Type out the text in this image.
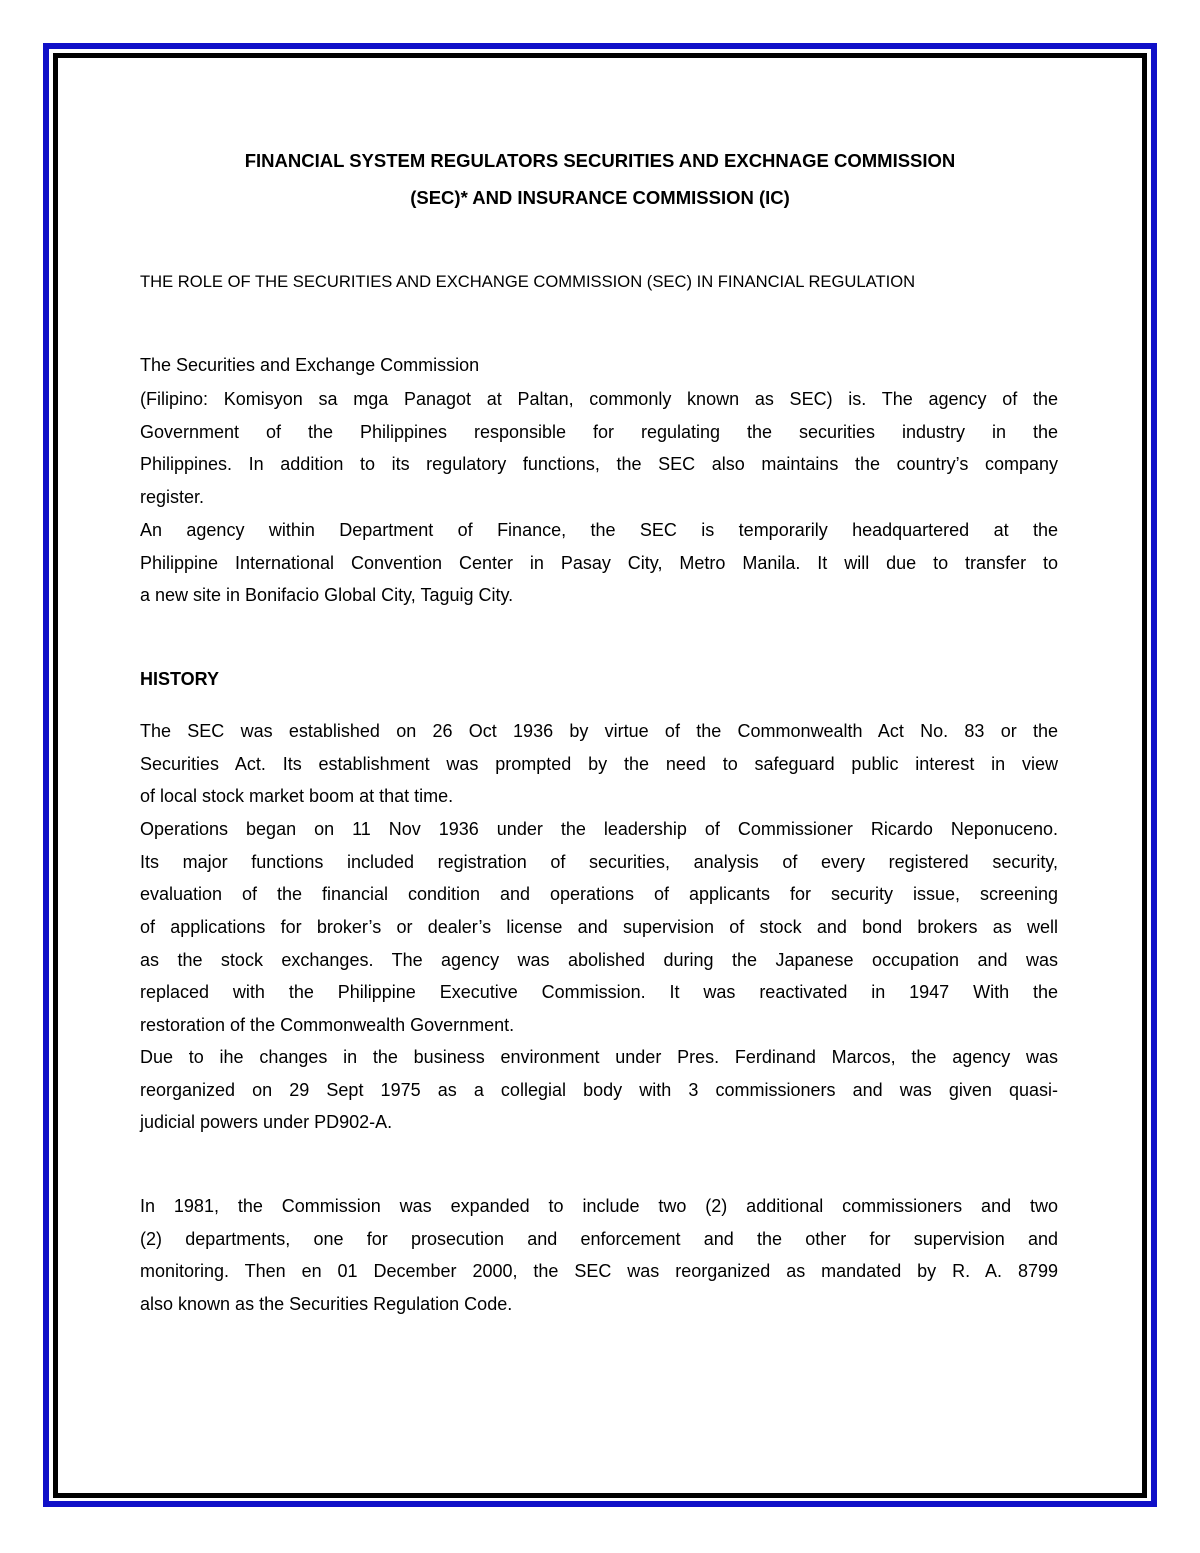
FINANCIAL SYSTEM REGULATORS SECURITIES AND EXCHNAGE COMMISSION
(SEC)* AND INSURANCE COMMISSION (IC)
THE ROLE OF THE SECURITIES AND EXCHANGE COMMISSION (SEC) IN FINANCIAL REGULATION
The Securities and Exchange Commission
(Filipino: Komisyon sa mga Panagot at Paltan, commonly known as SEC) is. The agency of the
Government of the Philippines responsible for regulating the securities industry in the
Philippines. In addition to its regulatory functions, the SEC also maintains the country’s company
register.
An agency within Department of Finance, the SEC is temporarily headquartered at the
Philippine International Convention Center in Pasay City, Metro Manila. It will due to transfer to
a new site in Bonifacio Global City, Taguig City.
HISTORY
The SEC was established on 26 Oct 1936 by virtue of the Commonwealth Act No. 83 or the
Securities Act. Its establishment was prompted by the need to safeguard public interest in view
of local stock market boom at that time.
Operations began on 11 Nov 1936 under the leadership of Commissioner Ricardo Neponuceno.
Its major functions included registration of securities, analysis of every registered security,
evaluation of the financial condition and operations of applicants for security issue, screening
of applications for broker’s or dealer’s license and supervision of stock and bond brokers as well
as the stock exchanges. The agency was abolished during the Japanese occupation and was
replaced with the Philippine Executive Commission. It was reactivated in 1947 With the
restoration of the Commonwealth Government.
Due to ihe changes in the business environment under Pres. Ferdinand Marcos, the agency was
reorganized on 29 Sept 1975 as a collegial body with 3 commissioners and was given quasi-
judicial powers under PD902-A.
In 1981, the Commission was expanded to include two (2) additional commissioners and two
(2) departments, one for prosecution and enforcement and the other for supervision and
monitoring. Then en 01 December 2000, the SEC was reorganized as mandated by R. A. 8799
also known as the Securities Regulation Code.
